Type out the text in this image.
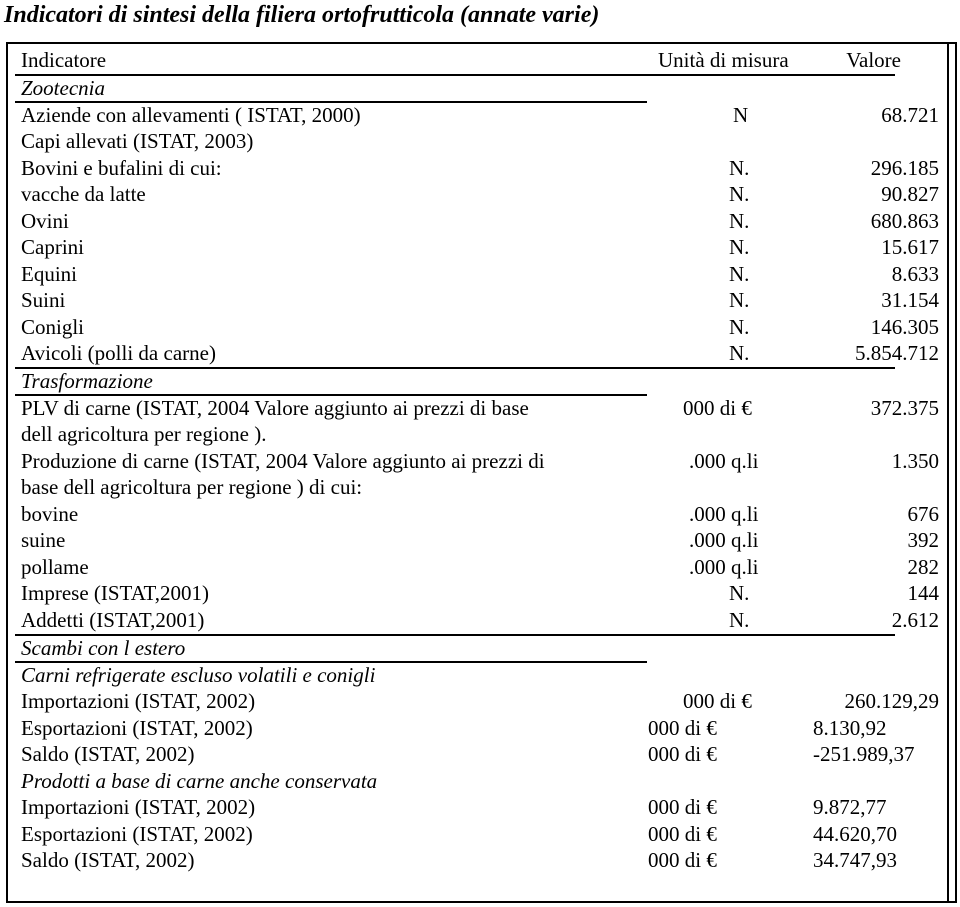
Indicatori di sintesi della filiera ortofrutticola (annate varie)
Indicatore	Unità di misura	Valore
Zootecnia
Aziende con allevamenti ( ISTAT, 2000)	N	68.721
Capi allevati (ISTAT, 2003)
Bovini e bufalini di cui:	N.	296.185
vacche da latte	N.	90.827
Ovini	N.	680.863
Caprini	N.	15.617
Equini	N.	8.633
Suini	N.	31.154
Conigli	N.	146.305
Avicoli (polli da carne)	N.	5.854.712
Trasformazione
PLV di carne (ISTAT, 2004 Valore aggiunto ai prezzi di base	000 di €	372.375
dell agricoltura per regione ).
Produzione di carne (ISTAT, 2004 Valore aggiunto ai prezzi di	.000 q.li	1.350
base dell agricoltura per regione ) di cui:
bovine	.000 q.li	676
suine	.000 q.li	392
pollame	.000 q.li	282
Imprese (ISTAT,2001)	N.	144
Addetti (ISTAT,2001)	N.	2.612
Scambi con l estero
Carni refrigerate escluso volatili e conigli
Importazioni (ISTAT, 2002)	000 di €	260.129,29
Esportazioni (ISTAT, 2002)	000 di €	8.130,92
Saldo (ISTAT, 2002)	000 di €	-251.989,37
Prodotti a base di carne anche conservata
Importazioni (ISTAT, 2002)	000 di €	9.872,77
Esportazioni (ISTAT, 2002)	000 di €	44.620,70
Saldo (ISTAT, 2002)	000 di €	34.747,93
